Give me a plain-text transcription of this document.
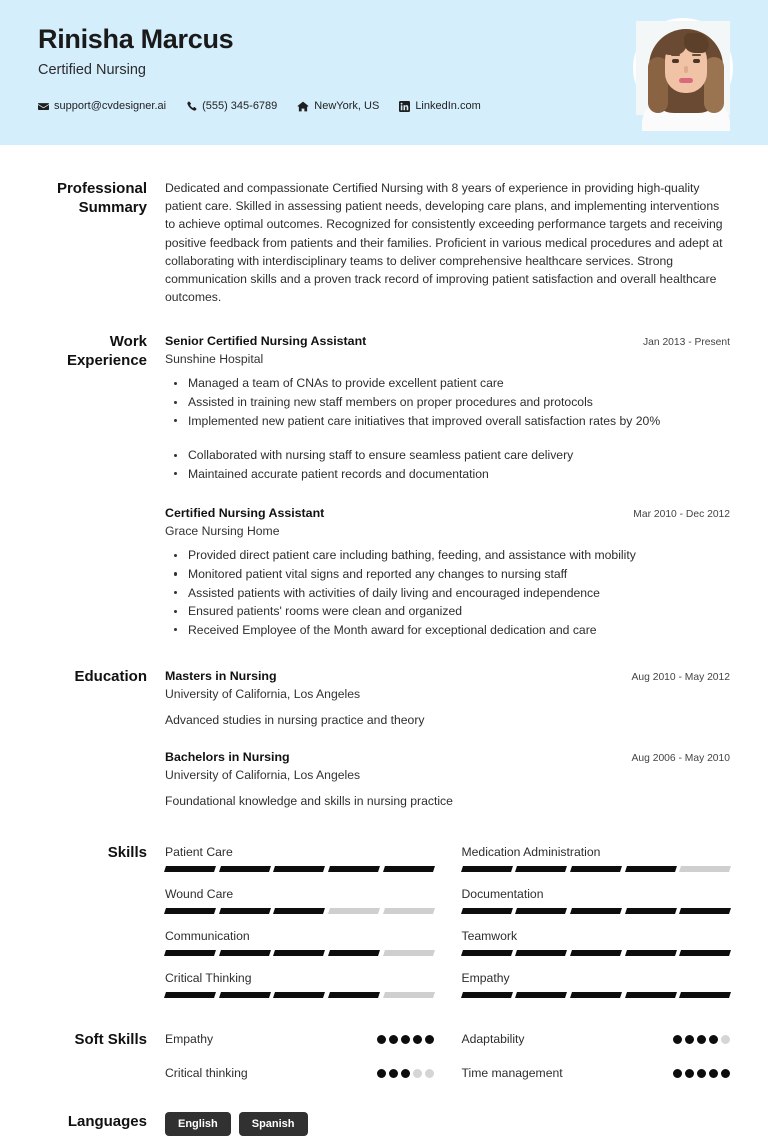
Rinisha Marcus
Certified Nursing
support@cvdesigner.ai	(555) 345-6789	NewYork, US	LinkedIn.com
Professional Summary
Dedicated and compassionate Certified Nursing with 8 years of experience in providing high-quality patient care. Skilled in assessing patient needs, developing care plans, and implementing interventions to achieve optimal outcomes. Recognized for consistently exceeding performance targets and receiving positive feedback from patients and their families. Proficient in various medical procedures and adept at collaborating with interdisciplinary teams to deliver comprehensive healthcare services. Strong communication skills and a proven track record of improving patient satisfaction and overall healthcare outcomes.
Work Experience
Senior Certified Nursing Assistant	Jan 2013 - Present
Sunshine Hospital
Managed a team of CNAs to provide excellent patient care
Assisted in training new staff members on proper procedures and protocols
Implemented new patient care initiatives that improved overall satisfaction rates by 20%
Collaborated with nursing staff to ensure seamless patient care delivery
Maintained accurate patient records and documentation
Certified Nursing Assistant	Mar 2010 - Dec 2012
Grace Nursing Home
Provided direct patient care including bathing, feeding, and assistance with mobility
Monitored patient vital signs and reported any changes to nursing staff
Assisted patients with activities of daily living and encouraged independence
Ensured patients' rooms were clean and organized
Received Employee of the Month award for exceptional dedication and care
Education	Masters in Nursing	Aug 2010 - May 2012
University of California, Los Angeles
Advanced studies in nursing practice and theory
Bachelors in Nursing	Aug 2006 - May 2010
University of California, Los Angeles
Foundational knowledge and skills in nursing practice
Skills	Patient Care	Medication Administration
Wound Care	Documentation
Communication	Teamwork
Critical Thinking	Empathy
Soft Skills	Empathy	Adaptability
Critical thinking	Time management
Languages	English	Spanish
